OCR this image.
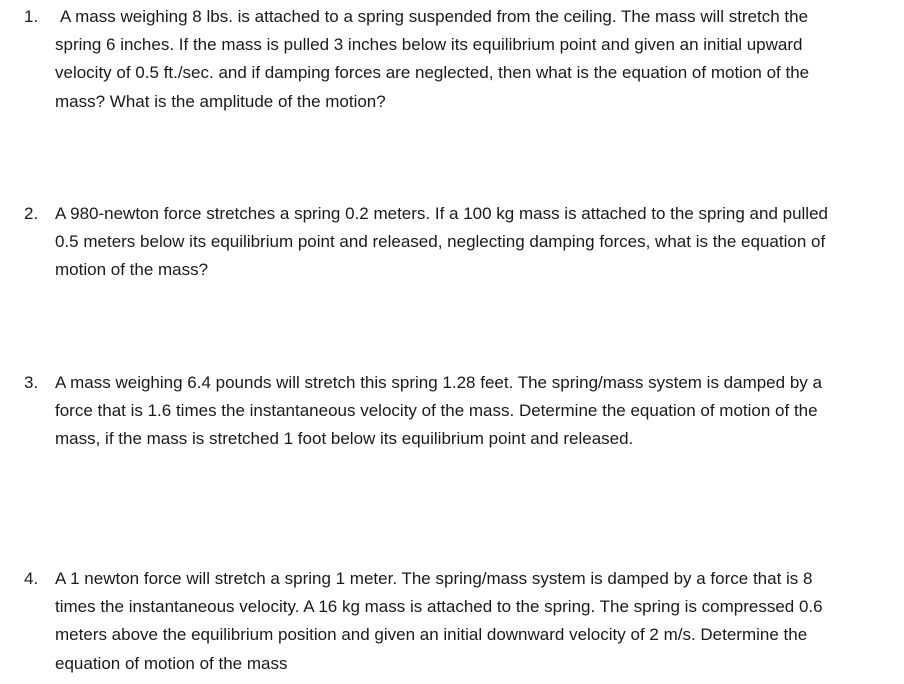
1. A mass weighing 8 lbs. is attached to a spring suspended from the ceiling. The mass will stretch the spring 6 inches. If the mass is pulled 3 inches below its equilibrium point and given an initial upward velocity of 0.5 ft./sec. and if damping forces are neglected, then what is the equation of motion of the mass? What is the amplitude of the motion?
2. A 980-newton force stretches a spring 0.2 meters. If a 100 kg mass is attached to the spring and pulled 0.5 meters below its equilibrium point and released, neglecting damping forces, what is the equation of motion of the mass?
3. A mass weighing 6.4 pounds will stretch this spring 1.28 feet. The spring/mass system is damped by a force that is 1.6 times the instantaneous velocity of the mass. Determine the equation of motion of the mass, if the mass is stretched 1 foot below its equilibrium point and released.
4. A 1 newton force will stretch a spring 1 meter. The spring/mass system is damped by a force that is 8 times the instantaneous velocity. A 16 kg mass is attached to the spring. The spring is compressed 0.6 meters above the equilibrium position and given an initial downward velocity of 2 m/s. Determine the equation of motion of the mass
